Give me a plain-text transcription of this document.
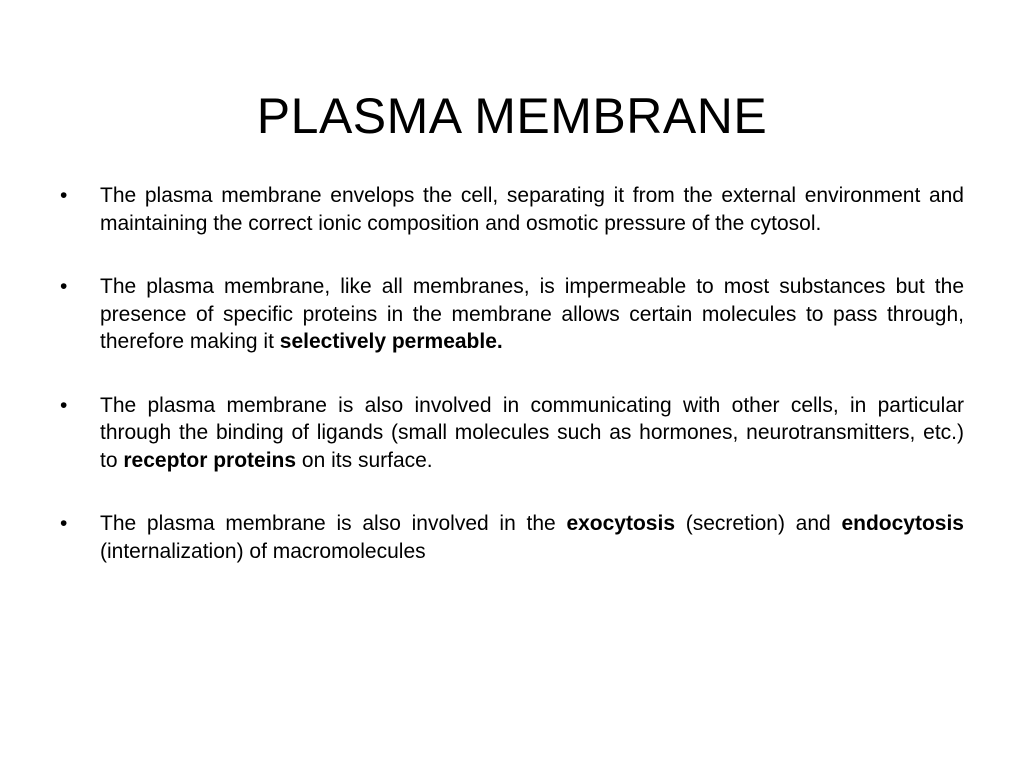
PLASMA MEMBRANE
•	The plasma membrane envelops the cell, separating it from the external environment and maintaining the correct ionic composition and osmotic pressure of the cytosol.
•	The plasma membrane, like all membranes, is impermeable to most substances but the presence of specific proteins in the membrane allows certain molecules to pass through, therefore making it selectively permeable.
•	The plasma membrane is also involved in communicating with other cells, in particular through the binding of ligands (small molecules such as hormones, neurotransmitters, etc.) to receptor proteins on its surface.
•	The plasma membrane is also involved in the exocytosis (secretion) and endocytosis (internalization) of macromolecules
